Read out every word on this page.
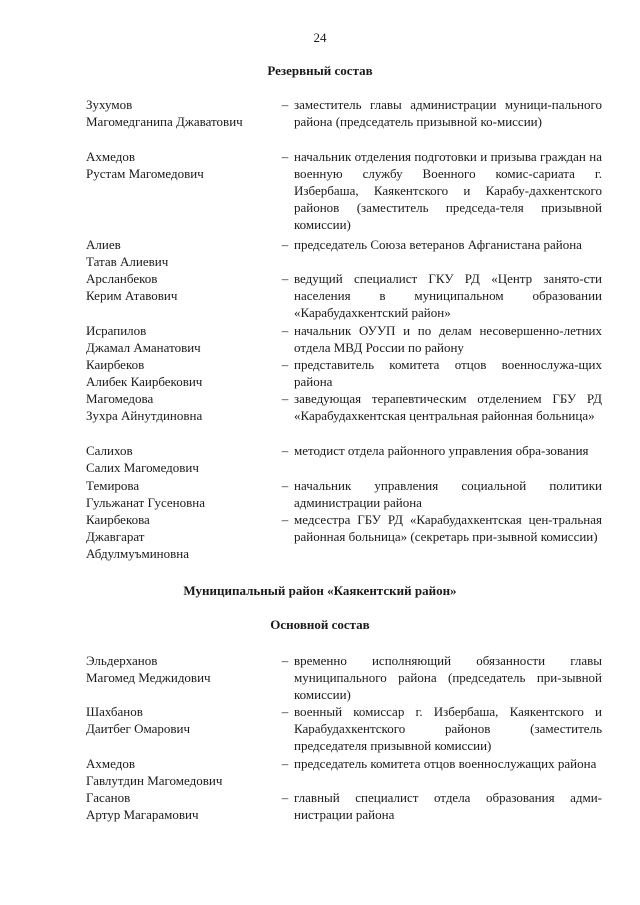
24
Резервный состав
Зухумов
Магомедганипа Джаватович
– заместитель главы администрации муници-пального района (председатель призывной ко-миссии)
Ахмедов
Рустам Магомедович
– начальник отделения подготовки и призыва граждан на военную службу Военного комис-сариата г. Избербаша, Каякентского и Карабу-дахкентского районов (заместитель председа-теля призывной комиссии)
Алиев
Татав Алиевич
– председатель Союза ветеранов Афганистана района
Арсланбеков
Керим Атавович
– ведущий специалист ГКУ РД «Центр занято-сти населения в муниципальном образовании «Карабудахкентский район»
Исрапилов
Джамал Аманатович
– начальник ОУУП и по делам несовершенно-летних отдела МВД России по району
Каирбеков
Алибек Каирбекович
– представитель комитета отцов военнослужа-щих района
Магомедова
Зухра Айнутдиновна
– заведующая терапевтическим отделением ГБУ РД «Карабудахкентская центральная районная больница»
Салихов
Салих Магомедович
– методист отдела районного управления обра-зования
Темирова
Гульжанат Гусеновна
– начальник управления социальной политики администрации района
Каирбекова
Джавгарат
Абдулмуъминовна
– медсестра ГБУ РД «Карабудахкентская цен-тральная районная больница» (секретарь при-зывной комиссии)
Муниципальный район «Каякентский район»
Основной состав
Эльдерханов
Магомед Меджидович
– временно исполняющий обязанности главы муниципального района (председатель при-зывной комиссии)
Шахбанов
Даитбег Омарович
– военный комиссар г. Избербаша, Каякентского и Карабудахкентского районов (заместитель председателя призывной комиссии)
Ахмедов
Гавлутдин Магомедович
– председатель комитета отцов военнослужащих района
Гасанов
Артур Магарамович
– главный специалист отдела образования адми-нистрации района
